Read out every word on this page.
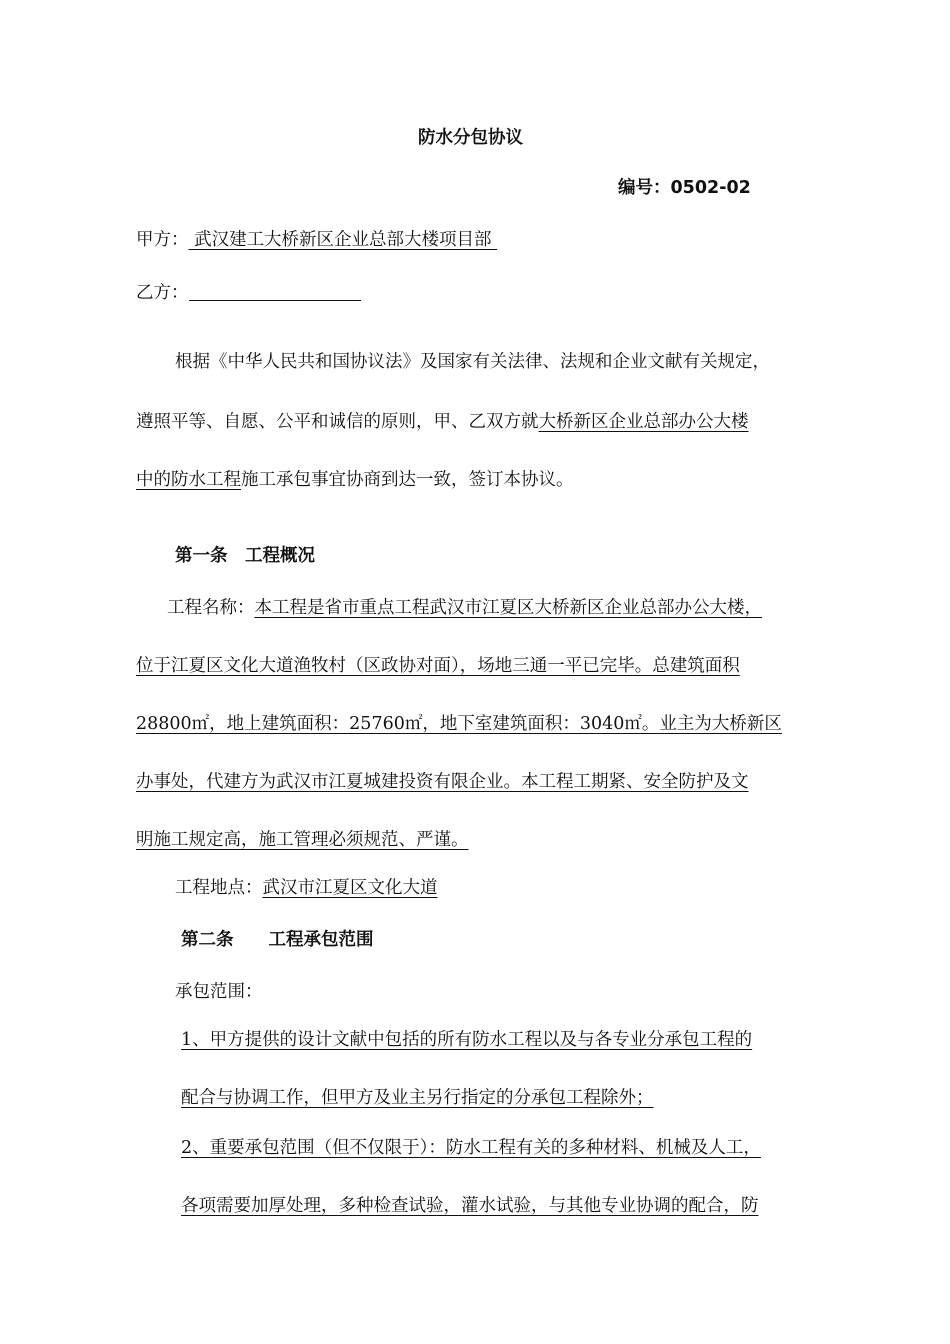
防水分包协议
编号：0502-02
甲方： 武汉建工大桥新区企业总部大楼项目部
乙方：
根据《中华人民共和国协议法》及国家有关法律、法规和企业文献有关规定，
遵照平等、自愿、公平和诚信的原则，甲、乙双方就大桥新区企业总部办公大楼
中的防水工程施工承包事宜协商到达一致，签订本协议。
第一条　工程概况
工程名称：本工程是省市重点工程武汉市江夏区大桥新区企业总部办公大楼，
位于江夏区文化大道渔牧村（区政协对面），场地三通一平已完毕。总建筑面积
28800㎡，地上建筑面积：25760㎡，地下室建筑面积：3040㎡。业主为大桥新区
办事处，代建方为武汉市江夏城建投资有限企业。本工程工期紧、安全防护及文
明施工规定高，施工管理必须规范、严谨。
工程地点：武汉市江夏区文化大道
第二条　　工程承包范围
承包范围：
1、甲方提供的设计文献中包括的所有防水工程以及与各专业分承包工程的
配合与协调工作，但甲方及业主另行指定的分承包工程除外；
2、重要承包范围（但不仅限于）：防水工程有关的多种材料、机械及人工，
各项需要加厚处理，多种检查试验，灌水试验，与其他专业协调的配合，防
